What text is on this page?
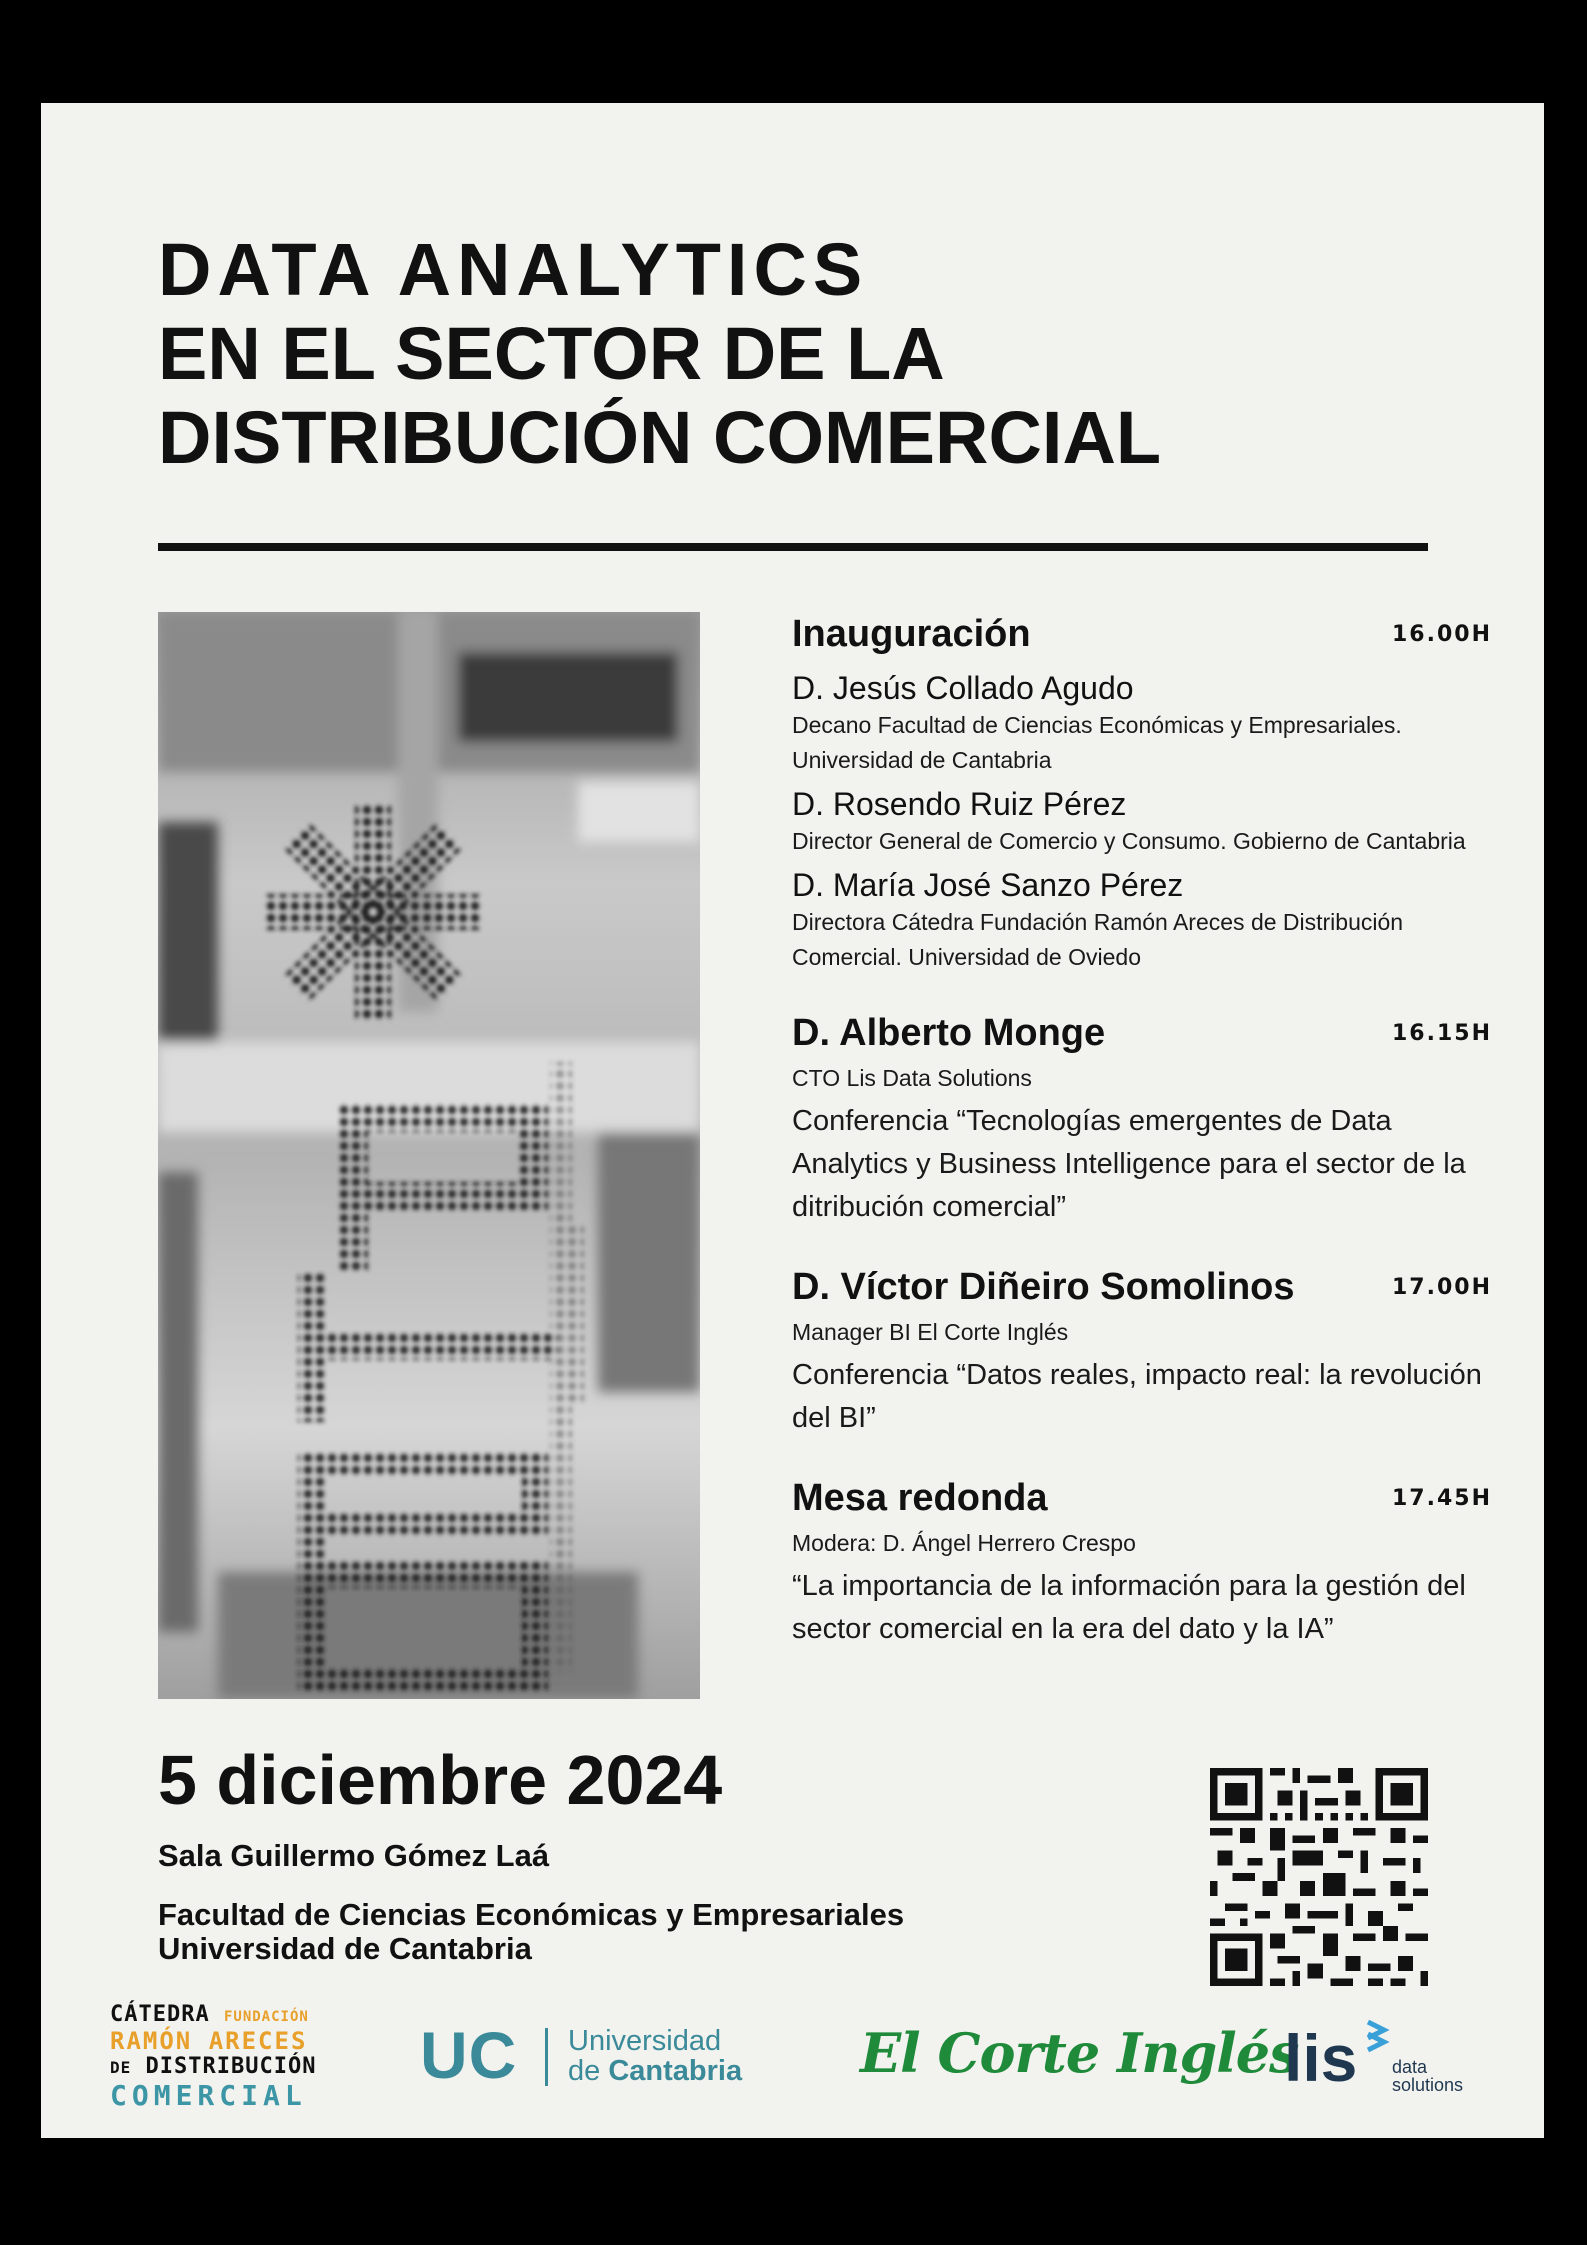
DATA ANALYTICS
EN EL SECTOR DE LA
DISTRIBUCIÓN COMERCIAL
Inauguración	16.00H
D. Jesús Collado Agudo
Decano Facultad de Ciencias Económicas y Empresariales. Universidad de Cantabria
D. Rosendo Ruiz Pérez
Director General de Comercio y Consumo. Gobierno de Cantabria
D. María José Sanzo Pérez
Directora Cátedra Fundación Ramón Areces de Distribución Comercial. Universidad de Oviedo
D. Alberto Monge	16.15H
CTO Lis Data Solutions
Conferencia “Tecnologías emergentes de Data Analytics y Business Intelligence para el sector de la ditribución comercial”
D. Víctor Diñeiro Somolinos	17.00H
Manager BI El Corte Inglés
Conferencia “Datos reales, impacto real: la revolución del BI”
Mesa redonda	17.45H
Modera: D. Ángel Herrero Crespo
“La importancia de la información para la gestión del sector comercial en la era del dato y la IA”
5 diciembre 2024
Sala Guillermo Gómez Laá
Facultad de Ciencias Económicas y Empresariales
Universidad de Cantabria
CÁTEDRA FUNDACIÓN
RAMÓN ARECES
DE DISTRIBUCIÓN
COMERCIAL
UC Universidad
de Cantabria El Corte Inglés
lis data
solutions
